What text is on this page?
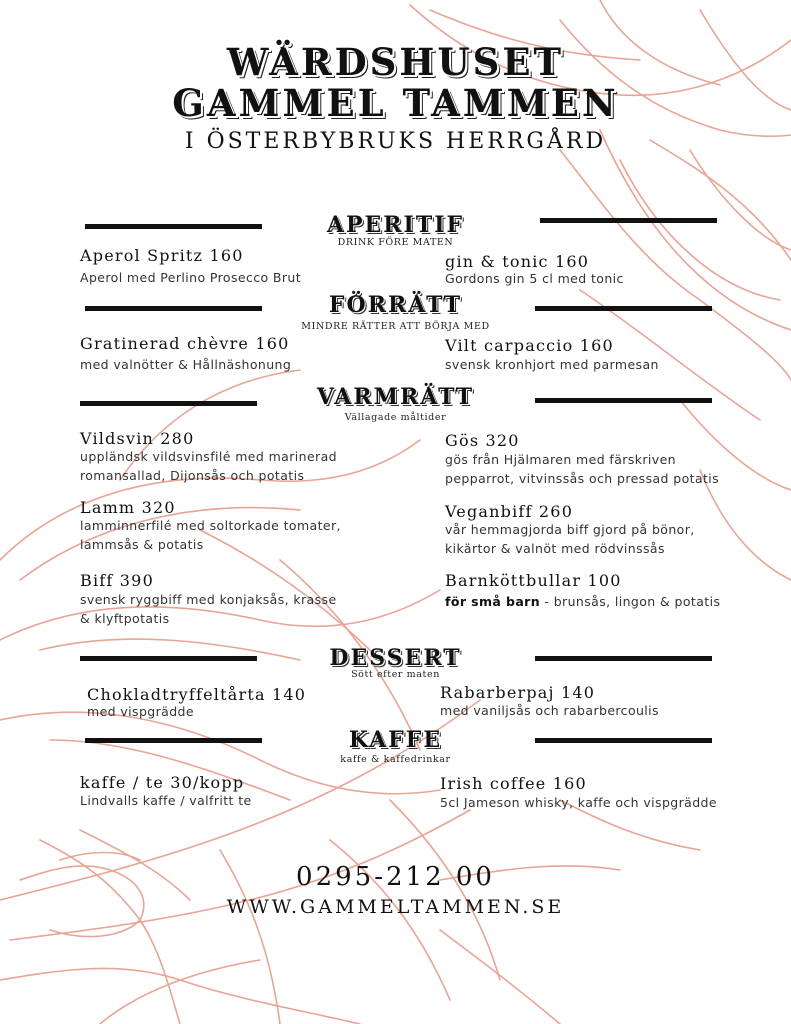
WÄRDSHUSET
GAMMEL TAMMEN
I ÖSTERBYBRUKS HERRGÅRD
APERITIF
DRINK FÖRE MATEN
Aperol Spritz 160
Aperol med Perlino Prosecco Brut
gin & tonic 160
Gordons gin 5 cl med tonic
FÖRRÄTT
MINDRE RÄTTER ATT BÖRJA MED
Gratinerad chèvre 160
med valnötter & Hållnäshonung
Vilt carpaccio 160
svensk kronhjort med parmesan
VARMRÄTT
Vällagade måltider
Vildsvin 280
uppländsk vildsvinsfilé med marinerad
romansallad, Dijonsås och potatis
Gös 320
gös från Hjälmaren med färskriven
pepparrot, vitvinssås och pressad potatis
Lamm 320
lamminnerfilé med soltorkade tomater,
lammsås & potatis
Veganbiff 260
vår hemmagjorda biff gjord på bönor,
kikärtor & valnöt med rödvinssås
Biff 390
svensk ryggbiff med konjaksås, krasse
& klyftpotatis
Barnköttbullar 100
för små barn - brunsås, lingon & potatis
DESSERT
Sött efter maten
Chokladtryffeltårta 140
med vispgrädde
Rabarberpaj 140
med vaniljsås och rabarbercoulis
KAFFE
kaffe & kaffedrinkar
kaffe / te 30/kopp
Lindvalls kaffe / valfritt te
Irish coffee 160
5cl Jameson whisky, kaffe och vispgrädde
0295-212 00
WWW.GAMMELTAMMEN.SE
